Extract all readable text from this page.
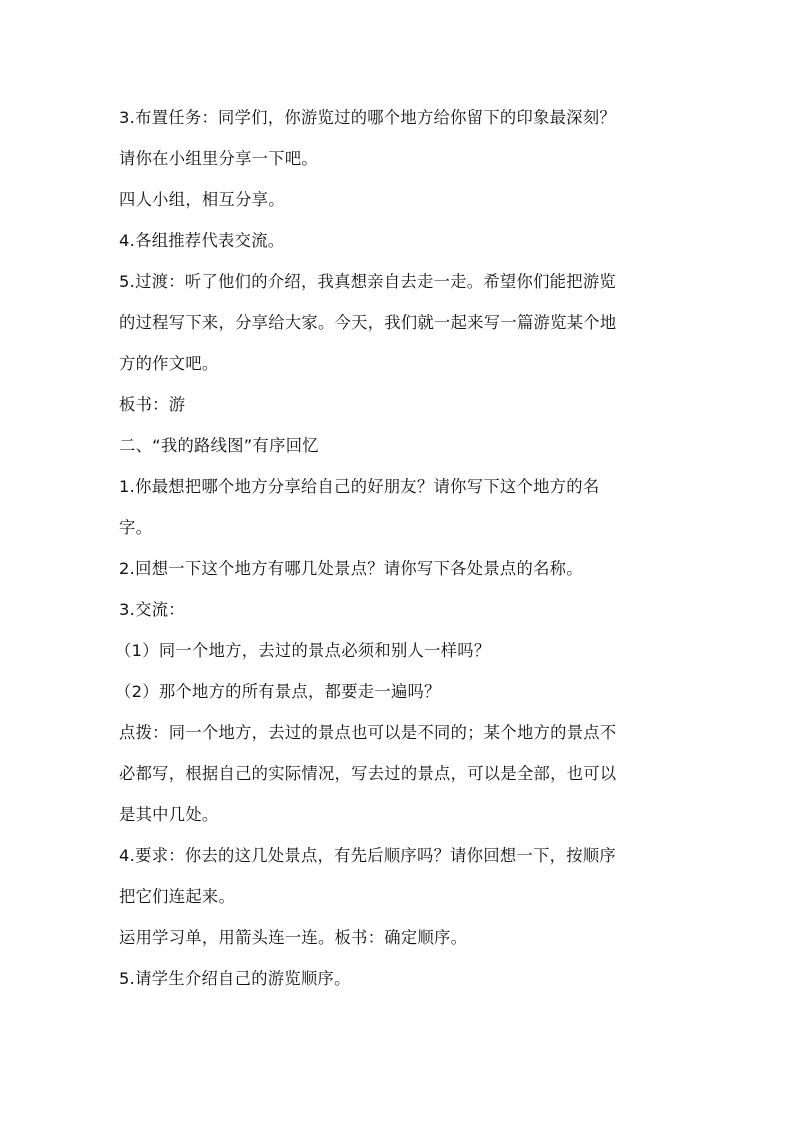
3.布置任务：同学们，你游览过的哪个地方给你留下的印象最深刻？

请你在小组里分享一下吧。

四人小组，相互分享。

4.各组推荐代表交流。

5.过渡：听了他们的介绍，我真想亲自去走一走。希望你们能把游览

的过程写下来，分享给大家。今天，我们就一起来写一篇游览某个地

方的作文吧。

板书：游

二、“我的路线图”有序回忆

1.你最想把哪个地方分享给自己的好朋友？请你写下这个地方的名

字。

2.回想一下这个地方有哪几处景点？请你写下各处景点的名称。

3.交流：

（1）同一个地方，去过的景点必须和别人一样吗？

（2）那个地方的所有景点，都要走一遍吗？

点拨：同一个地方，去过的景点也可以是不同的；某个地方的景点不

必都写，根据自己的实际情况，写去过的景点，可以是全部，也可以

是其中几处。

4.要求：你去的这几处景点，有先后顺序吗？请你回想一下，按顺序

把它们连起来。

运用学习单，用箭头连一连。板书：确定顺序。

5.请学生介绍自己的游览顺序。
